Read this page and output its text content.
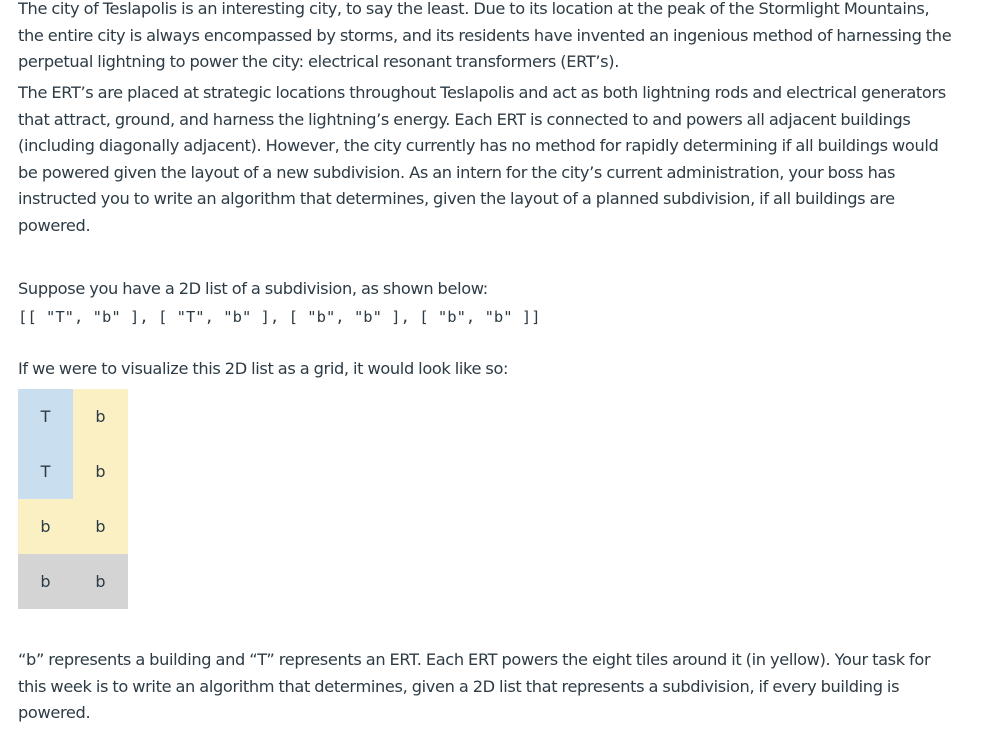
The city of Teslapolis is an interesting city, to say the least. Due to its location at the peak of the Stormlight Mountains, the entire city is always encompassed by storms, and its residents have invented an ingenious method of harnessing the perpetual lightning to power the city: electrical resonant transformers (ERT’s).

The ERT’s are placed at strategic locations throughout Teslapolis and act as both lightning rods and electrical generators that attract, ground, and harness the lightning’s energy. Each ERT is connected to and powers all adjacent buildings (including diagonally adjacent). However, the city currently has no method for rapidly determining if all buildings would be powered given the layout of a new subdivision. As an intern for the city’s current administration, your boss has instructed you to write an algorithm that determines, given the layout of a planned subdivision, if all buildings are powered.

Suppose you have a 2D list of a subdivision, as shown below:

[[ "T", "b" ], [ "T", "b" ], [ "b", "b" ], [ "b", "b" ]]

If we were to visualize this 2D list as a grid, it would look like so:

T	b
T	b
b	b
b	b

“b” represents a building and “T” represents an ERT. Each ERT powers the eight tiles around it (in yellow). Your task for this week is to write an algorithm that determines, given a 2D list that represents a subdivision, if every building is powered.
